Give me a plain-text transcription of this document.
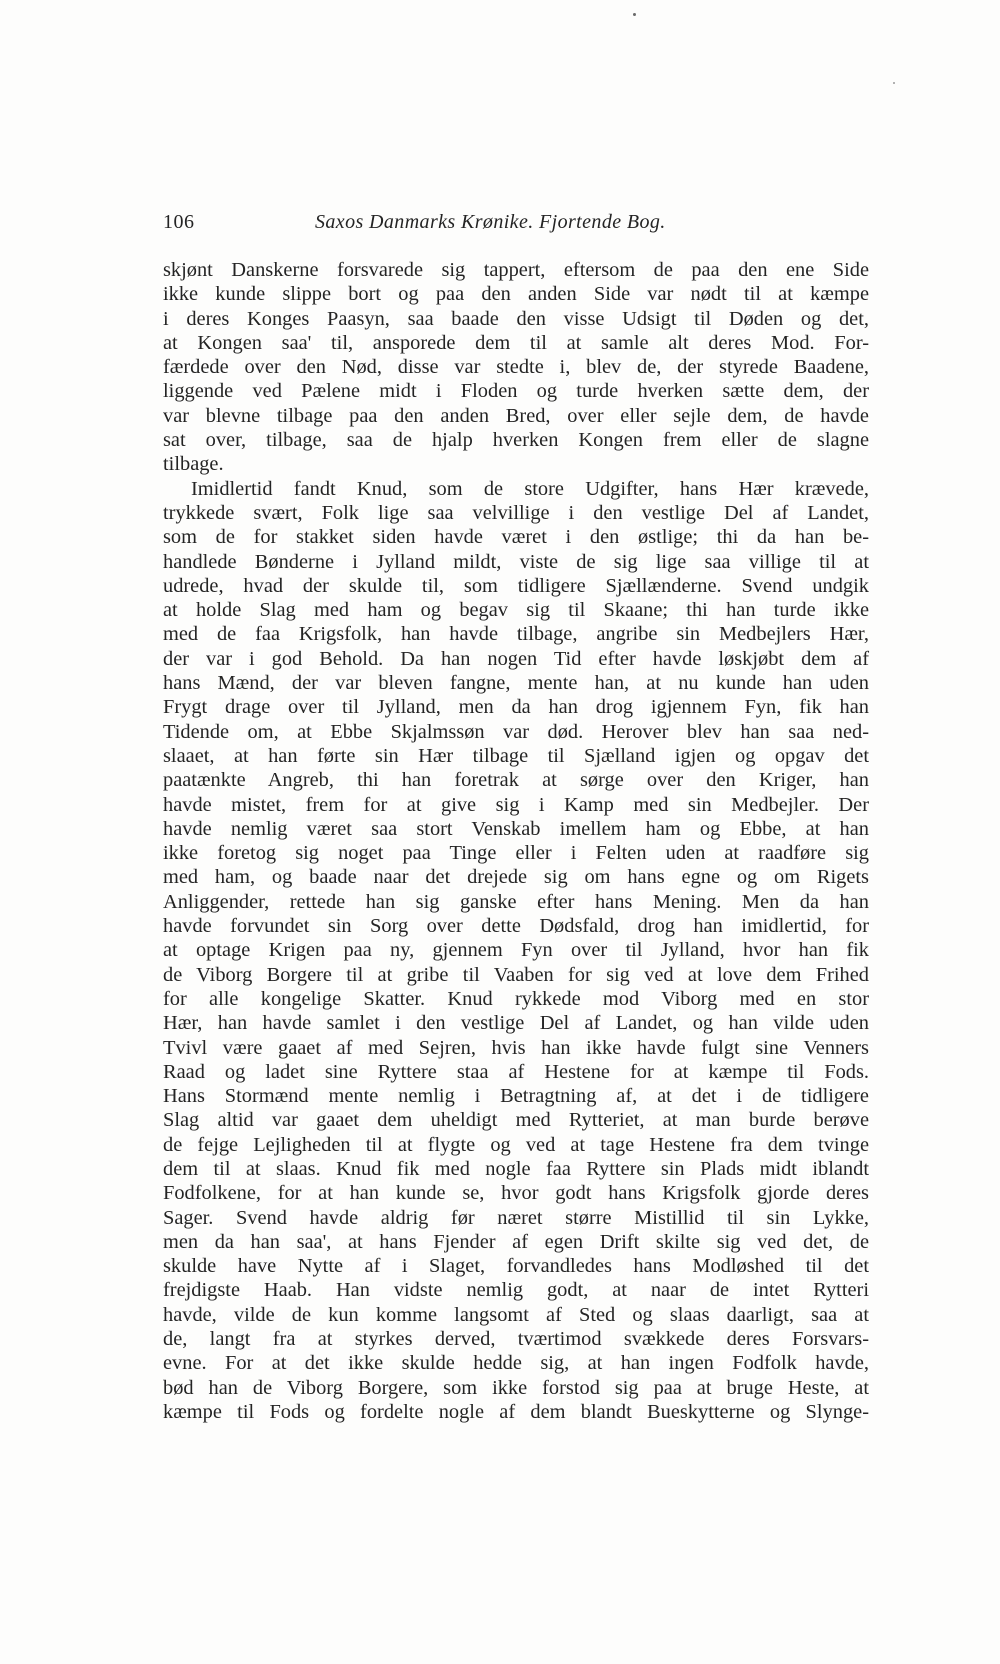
106	Saxos Danmarks Krønike. Fjortende Bog.
skjønt Danskerne forsvarede sig tappert, eftersom de paa den ene Side
ikke kunde slippe bort og paa den anden Side var nødt til at kæmpe
i deres Konges Paasyn, saa baade den visse Udsigt til Døden og det,
at Kongen saa' til, ansporede dem til at samle alt deres Mod. For-
færdede over den Nød, disse var stedte i, blev de, der styrede Baadene,
liggende ved Pælene midt i Floden og turde hverken sætte dem, der
var blevne tilbage paa den anden Bred, over eller sejle dem, de havde
sat over, tilbage, saa de hjalp hverken Kongen frem eller de slagne
tilbage.
Imidlertid fandt Knud, som de store Udgifter, hans Hær krævede,
trykkede svært, Folk lige saa velvillige i den vestlige Del af Landet,
som de for stakket siden havde været i den østlige; thi da han be-
handlede Bønderne i Jylland mildt, viste de sig lige saa villige til at
udrede, hvad der skulde til, som tidligere Sjællænderne. Svend undgik
at holde Slag med ham og begav sig til Skaane; thi han turde ikke
med de faa Krigsfolk, han havde tilbage, angribe sin Medbejlers Hær,
der var i god Behold. Da han nogen Tid efter havde løskjøbt dem af
hans Mænd, der var bleven fangne, mente han, at nu kunde han uden
Frygt drage over til Jylland, men da han drog igjennem Fyn, fik han
Tidende om, at Ebbe Skjalmssøn var død. Herover blev han saa ned-
slaaet, at han førte sin Hær tilbage til Sjælland igjen og opgav det
paatænkte Angreb, thi han foretrak at sørge over den Kriger, han
havde mistet, frem for at give sig i Kamp med sin Medbejler. Der
havde nemlig været saa stort Venskab imellem ham og Ebbe, at han
ikke foretog sig noget paa Tinge eller i Felten uden at raadføre sig
med ham, og baade naar det drejede sig om hans egne og om Rigets
Anliggender, rettede han sig ganske efter hans Mening. Men da han
havde forvundet sin Sorg over dette Dødsfald, drog han imidlertid, for
at optage Krigen paa ny, gjennem Fyn over til Jylland, hvor han fik
de Viborg Borgere til at gribe til Vaaben for sig ved at love dem Frihed
for alle kongelige Skatter. Knud rykkede mod Viborg med en stor
Hær, han havde samlet i den vestlige Del af Landet, og han vilde uden
Tvivl være gaaet af med Sejren, hvis han ikke havde fulgt sine Venners
Raad og ladet sine Ryttere staa af Hestene for at kæmpe til Fods.
Hans Stormænd mente nemlig i Betragtning af, at det i de tidligere
Slag altid var gaaet dem uheldigt med Rytteriet, at man burde berøve
de fejge Lejligheden til at flygte og ved at tage Hestene fra dem tvinge
dem til at slaas. Knud fik med nogle faa Ryttere sin Plads midt iblandt
Fodfolkene, for at han kunde se, hvor godt hans Krigsfolk gjorde deres
Sager. Svend havde aldrig før næret større Mistillid til sin Lykke,
men da han saa', at hans Fjender af egen Drift skilte sig ved det, de
skulde have Nytte af i Slaget, forvandledes hans Modløshed til det
frejdigste Haab. Han vidste nemlig godt, at naar de intet Rytteri
havde, vilde de kun komme langsomt af Sted og slaas daarligt, saa at
de, langt fra at styrkes derved, tværtimod svækkede deres Forsvars-
evne. For at det ikke skulde hedde sig, at han ingen Fodfolk havde,
bød han de Viborg Borgere, som ikke forstod sig paa at bruge Heste, at
kæmpe til Fods og fordelte nogle af dem blandt Bueskytterne og Slynge-
